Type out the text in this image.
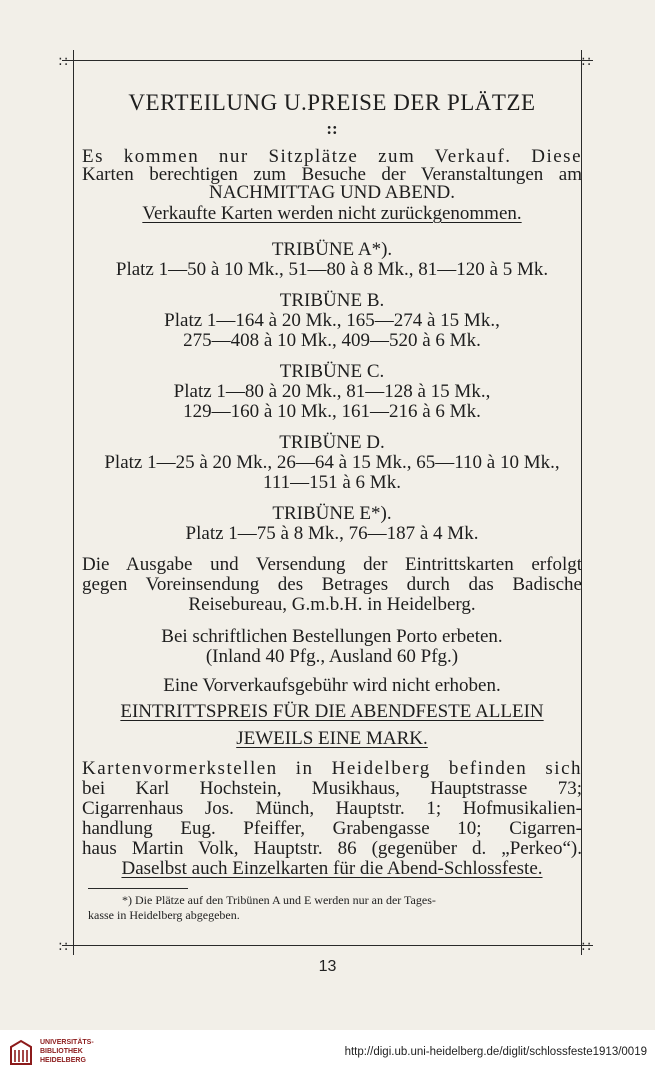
::	::
::	::
VERTEILUNG U.PREISE DER PLÄTZE
::
Es kommen nur Sitzplätze zum Verkauf. Diese
Karten berechtigen zum Besuche der Veranstaltungen am
NACHMITTAG UND ABEND.
Verkaufte Karten werden nicht zurückgenommen.
TRIBÜNE A*).
Platz 1—50 à 10 Mk., 51—80 à 8 Mk., 81—120 à 5 Mk.
TRIBÜNE B.
Platz 1—164 à 20 Mk., 165—274 à 15 Mk.,
275—408 à 10 Mk., 409—520 à 6 Mk.
TRIBÜNE C.
Platz 1—80 à 20 Mk., 81—128 à 15 Mk.,
129—160 à 10 Mk., 161—216 à 6 Mk.
TRIBÜNE D.
Platz 1—25 à 20 Mk., 26—64 à 15 Mk., 65—110 à 10 Mk.,
111—151 à 6 Mk.
TRIBÜNE E*).
Platz 1—75 à 8 Mk., 76—187 à 4 Mk.
Die Ausgabe und Versendung der Eintrittskarten erfolgt
gegen Voreinsendung des Betrages durch das Badische
Reisebureau, G.m.b.H. in Heidelberg.
Bei schriftlichen Bestellungen Porto erbeten.
(Inland 40 Pfg., Ausland 60 Pfg.)
Eine Vorverkaufsgebühr wird nicht erhoben.
EINTRITTSPREIS FÜR DIE ABENDFESTE ALLEIN
JEWEILS EINE MARK.
Kartenvormerkstellen in Heidelberg befinden sich
bei Karl Hochstein, Musikhaus, Hauptstrasse 73;
Cigarrenhaus Jos. Münch, Hauptstr. 1; Hofmusikalien-
handlung Eug. Pfeiffer, Grabengasse 10; Cigarren-
haus Martin Volk, Hauptstr. 86 (gegenüber d. „Perkeo“).
Daselbst auch Einzelkarten für die Abend-Schlossfeste.
*) Die Plätze auf den Tribünen A und E werden nur an der Tages-
kasse in Heidelberg abgegeben.
13
UNIVERSITÄTS-
BIBLIOTHEK
HEIDELBERG
http://digi.ub.uni-heidelberg.de/diglit/schlossfeste1913/0019
